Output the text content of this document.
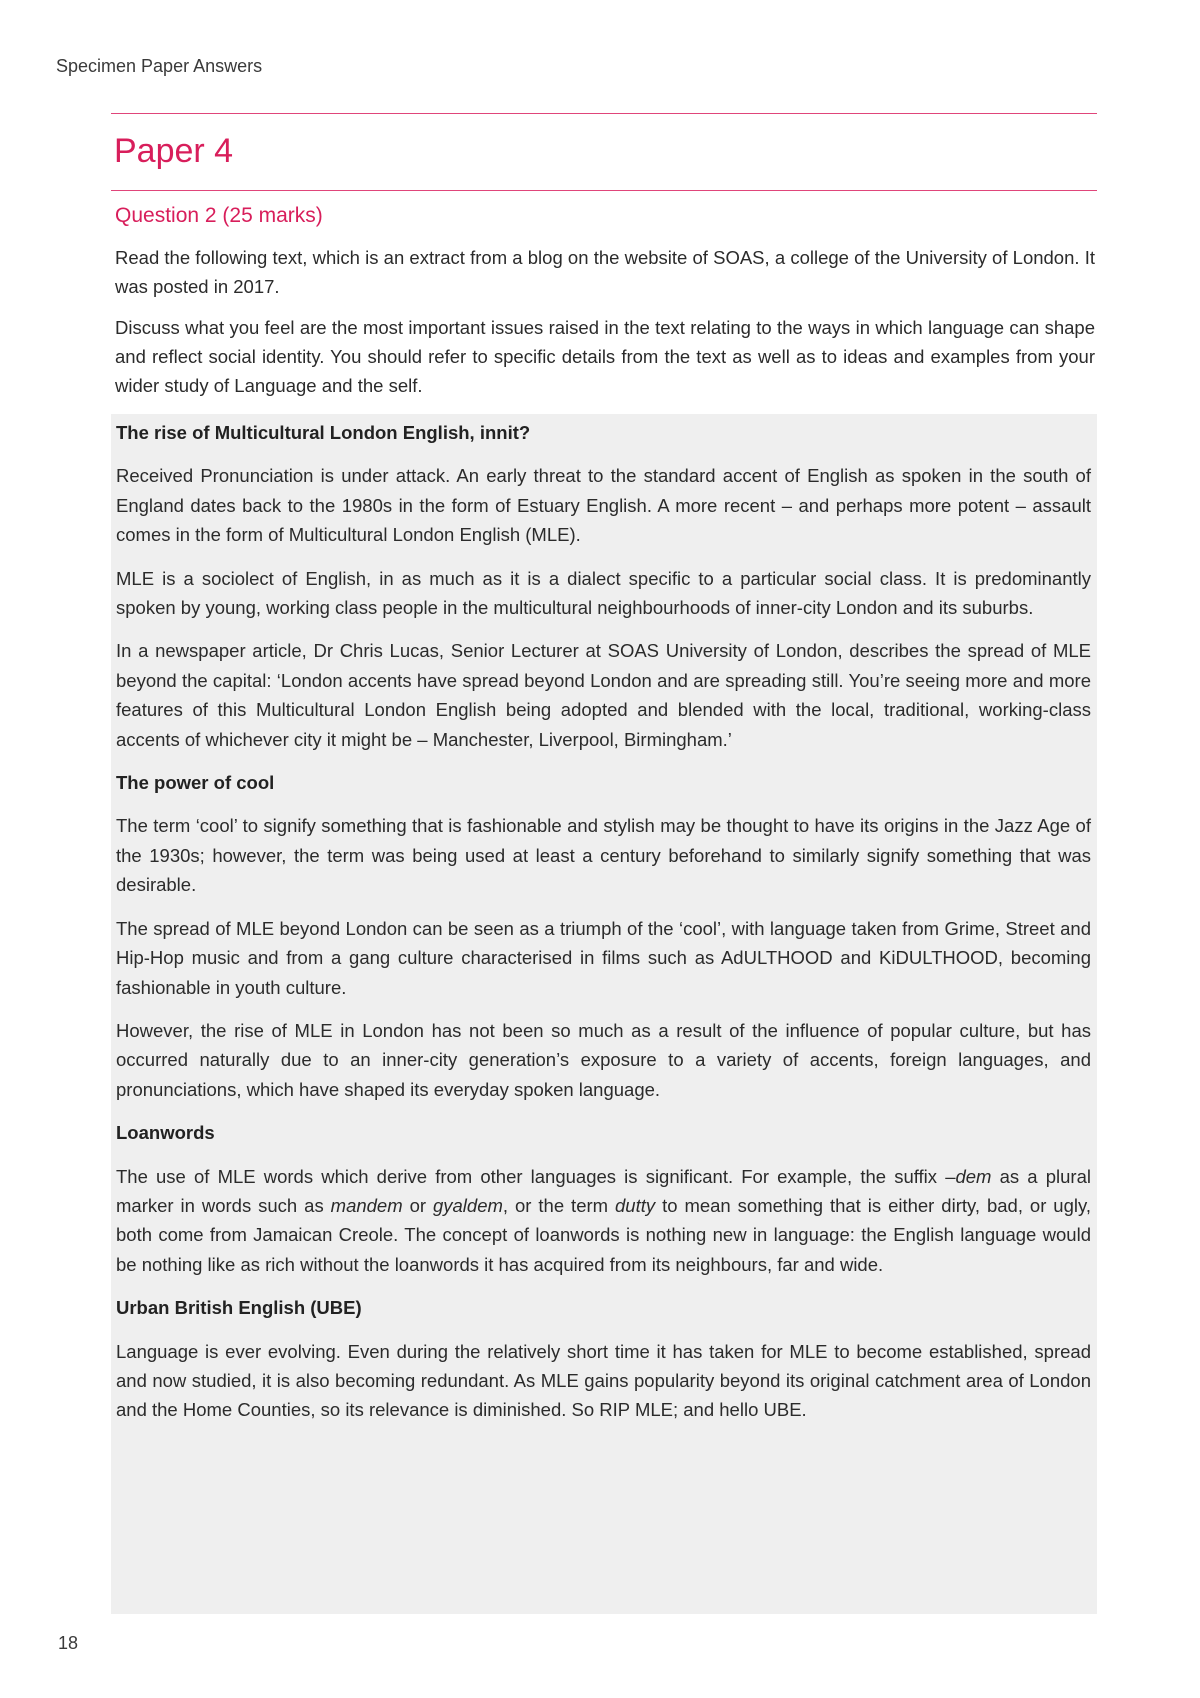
Specimen Paper Answers
Paper 4
Question 2 (25 marks)

Read the following text, which is an extract from a blog on the website of SOAS, a college of the University of London. It was posted in 2017.

Discuss what you feel are the most important issues raised in the text relating to the ways in which language can shape and reflect social identity. You should refer to specific details from the text as well as to ideas and examples from your wider study of Language and the self.

The rise of Multicultural London English, innit?

Received Pronunciation is under attack. An early threat to the standard accent of English as spoken in the south of England dates back to the 1980s in the form of Estuary English. A more recent – and perhaps more potent – assault comes in the form of Multicultural London English (MLE).

MLE is a sociolect of English, in as much as it is a dialect specific to a particular social class. It is predominantly spoken by young, working class people in the multicultural neighbourhoods of inner-city London and its suburbs.

In a newspaper article, Dr Chris Lucas, Senior Lecturer at SOAS University of London, describes the spread of MLE beyond the capital: ‘London accents have spread beyond London and are spreading still. You’re seeing more and more features of this Multicultural London English being adopted and blended with the local, traditional, working-class accents of whichever city it might be – Manchester, Liverpool, Birmingham.’

The power of cool

The term ‘cool’ to signify something that is fashionable and stylish may be thought to have its origins in the Jazz Age of the 1930s; however, the term was being used at least a century beforehand to similarly signify something that was desirable.

The spread of MLE beyond London can be seen as a triumph of the ‘cool’, with language taken from Grime, Street and Hip-Hop music and from a gang culture characterised in films such as AdULTHOOD and KiDULTHOOD, becoming fashionable in youth culture.

However, the rise of MLE in London has not been so much as a result of the influence of popular culture, but has occurred naturally due to an inner-city generation’s exposure to a variety of accents, foreign languages, and pronunciations, which have shaped its everyday spoken language.

Loanwords

The use of MLE words which derive from other languages is significant. For example, the suffix –dem as a plural marker in words such as mandem or gyaldem, or the term dutty to mean something that is either dirty, bad, or ugly, both come from Jamaican Creole. The concept of loanwords is nothing new in language: the English language would be nothing like as rich without the loanwords it has acquired from its neighbours, far and wide.

Urban British English (UBE)

Language is ever evolving. Even during the relatively short time it has taken for MLE to become established, spread and now studied, it is also becoming redundant. As MLE gains popularity beyond its original catchment area of London and the Home Counties, so its relevance is diminished. So RIP MLE; and hello UBE.

18
